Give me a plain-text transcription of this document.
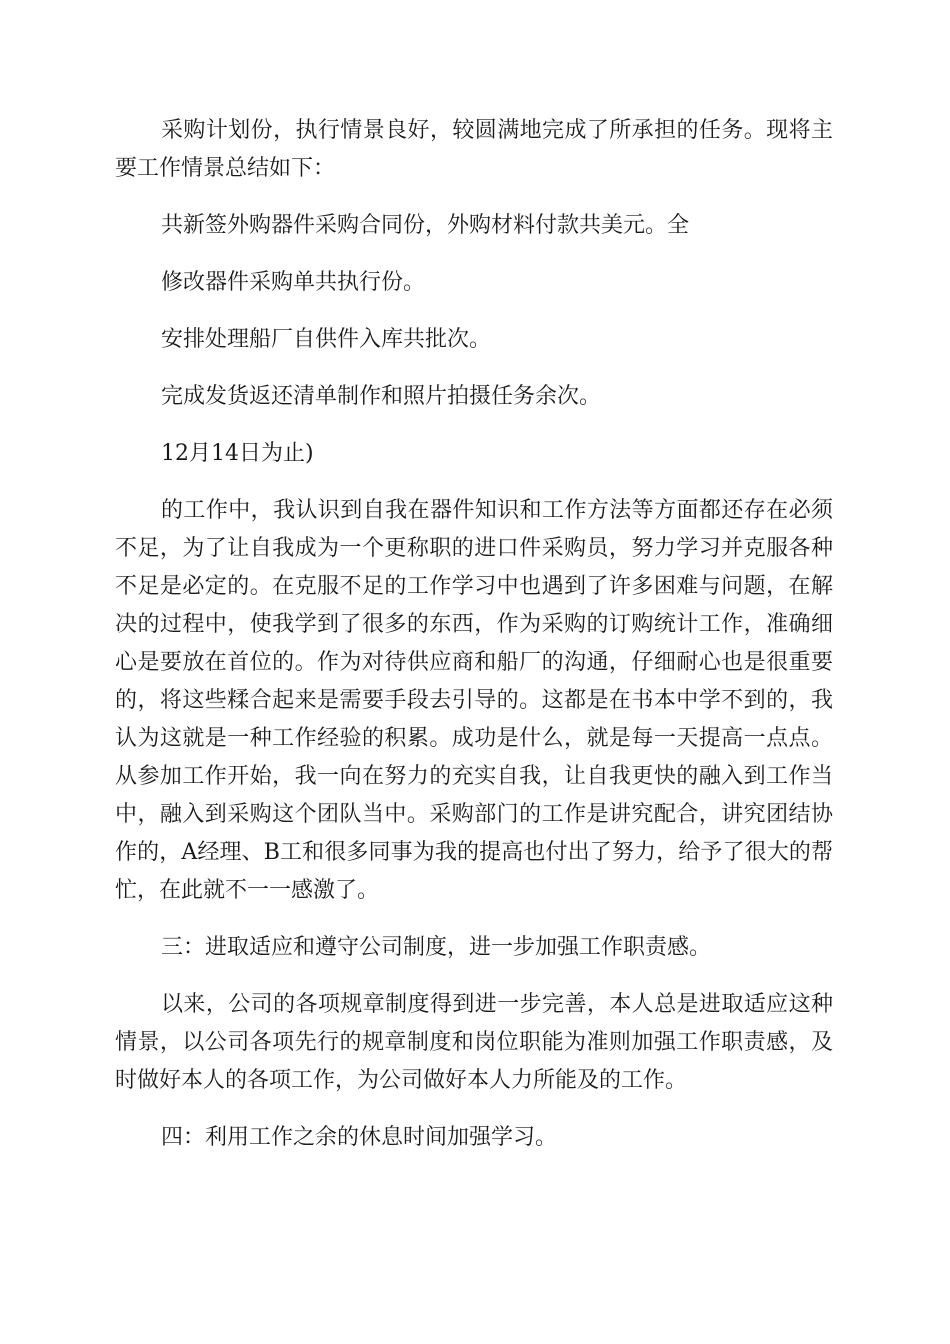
采购计划份，执行情景良好，较圆满地完成了所承担的任务。现将主要工作情景总结如下：

共新签外购器件采购合同份，外购材料付款共美元。全

修改器件采购单共执行份。

安排处理船厂自供件入库共批次。

完成发货返还清单制作和照片拍摄任务余次。

12月14日为止)

的工作中，我认识到自我在器件知识和工作方法等方面都还存在必须不足，为了让自我成为一个更称职的进口件采购员，努力学习并克服各种不足是必定的。在克服不足的工作学习中也遇到了许多困难与问题，在解决的过程中，使我学到了很多的东西，作为采购的订购统计工作，准确细心是要放在首位的。作为对待供应商和船厂的沟通，仔细耐心也是很重要的，将这些糅合起来是需要手段去引导的。这都是在书本中学不到的，我认为这就是一种工作经验的积累。成功是什么，就是每一天提高一点点。从参加工作开始，我一向在努力的充实自我，让自我更快的融入到工作当中，融入到采购这个团队当中。采购部门的工作是讲究配合，讲究团结协作的，A经理、B工和很多同事为我的提高也付出了努力，给予了很大的帮忙，在此就不一一感激了。

三：进取适应和遵守公司制度，进一步加强工作职责感。

以来，公司的各项规章制度得到进一步完善，本人总是进取适应这种情景，以公司各项先行的规章制度和岗位职能为准则加强工作职责感，及时做好本人的各项工作，为公司做好本人力所能及的工作。

四：利用工作之余的休息时间加强学习。
